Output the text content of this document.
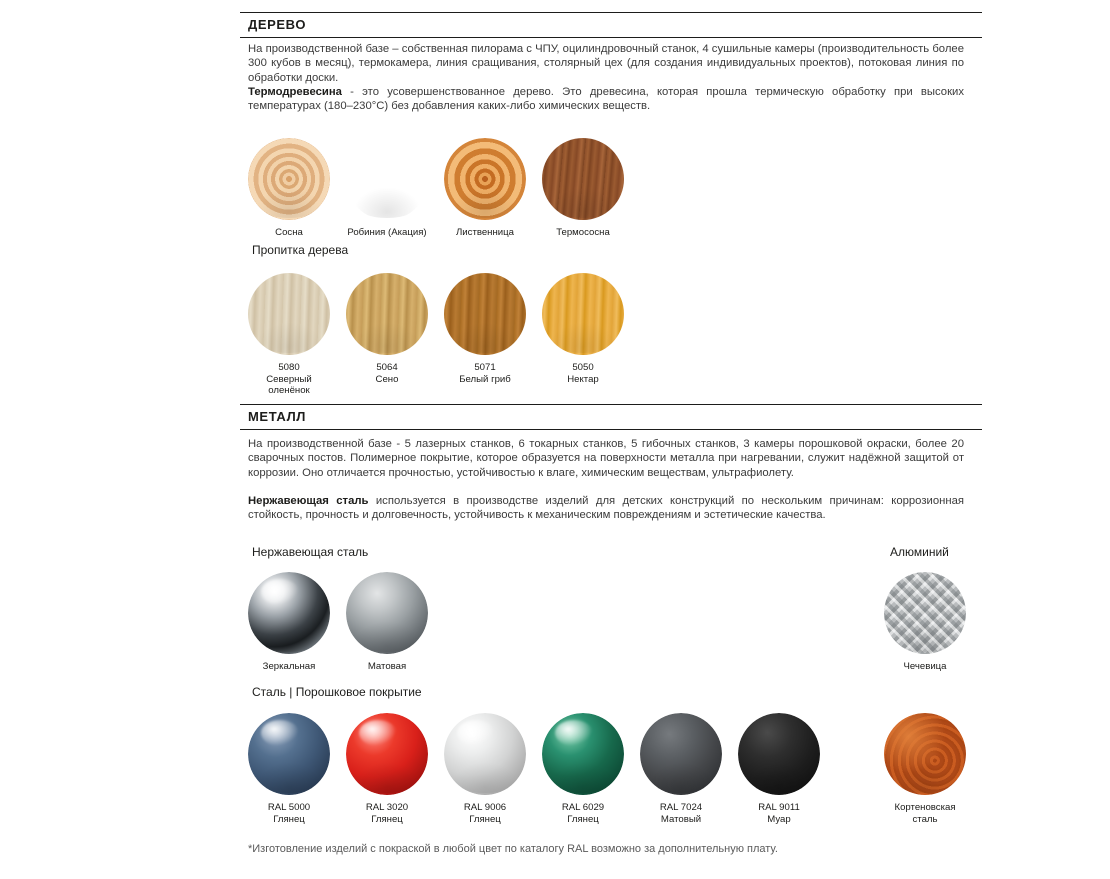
ДЕРЕВО
На производственной базе – собственная пилорама с ЧПУ, оцилиндровочный станок, 4 сушильные камеры (производительность более 300 кубов в месяц), термокамера, линия сращивания, столярный цех (для создания индивидуальных проектов), потоковая линия по обработки доски.
Термодревесина - это усовершенствованное дерево. Это древесина, которая прошла термическую обработку при высоких температурах (180–230°C) без добавления каких-либо химических веществ.
Сосна	Робиния (Акация)	Лиственница	Термососна
Пропитка дерева
5080
Северный оленёнок
5064
Сено
5071
Белый гриб
5050
Нектар
МЕТАЛЛ
На производственной базе - 5 лазерных станков, 6 токарных станков, 5 гибочных станков, 3 камеры порошковой окраски, более 20 сварочных постов. Полимерное покрытие, которое образуется на поверхности металла при нагревании, служит надёжной защитой от коррозии. Оно отличается прочностью, устойчивостью к влаге, химическим веществам, ультрафиолету.
Нержавеющая сталь используется в производстве изделий для детских конструкций по нескольким причинам: коррозионная стойкость, прочность и долговечность, устойчивость к механическим повреждениям и эстетические качества.
Нержавеющая сталь
Зеркальная	Матовая
Алюминий
Чечевица
Сталь | Порошковое покрытие
RAL 5000
Глянец
RAL 3020
Глянец
RAL 9006
Глянец
RAL 6029
Глянец
RAL 7024
Матовый
RAL 9011
Муар
Кортеновская
сталь
*Изготовление изделий с покраской в любой цвет по каталогу RAL возможно за дополнительную плату.
